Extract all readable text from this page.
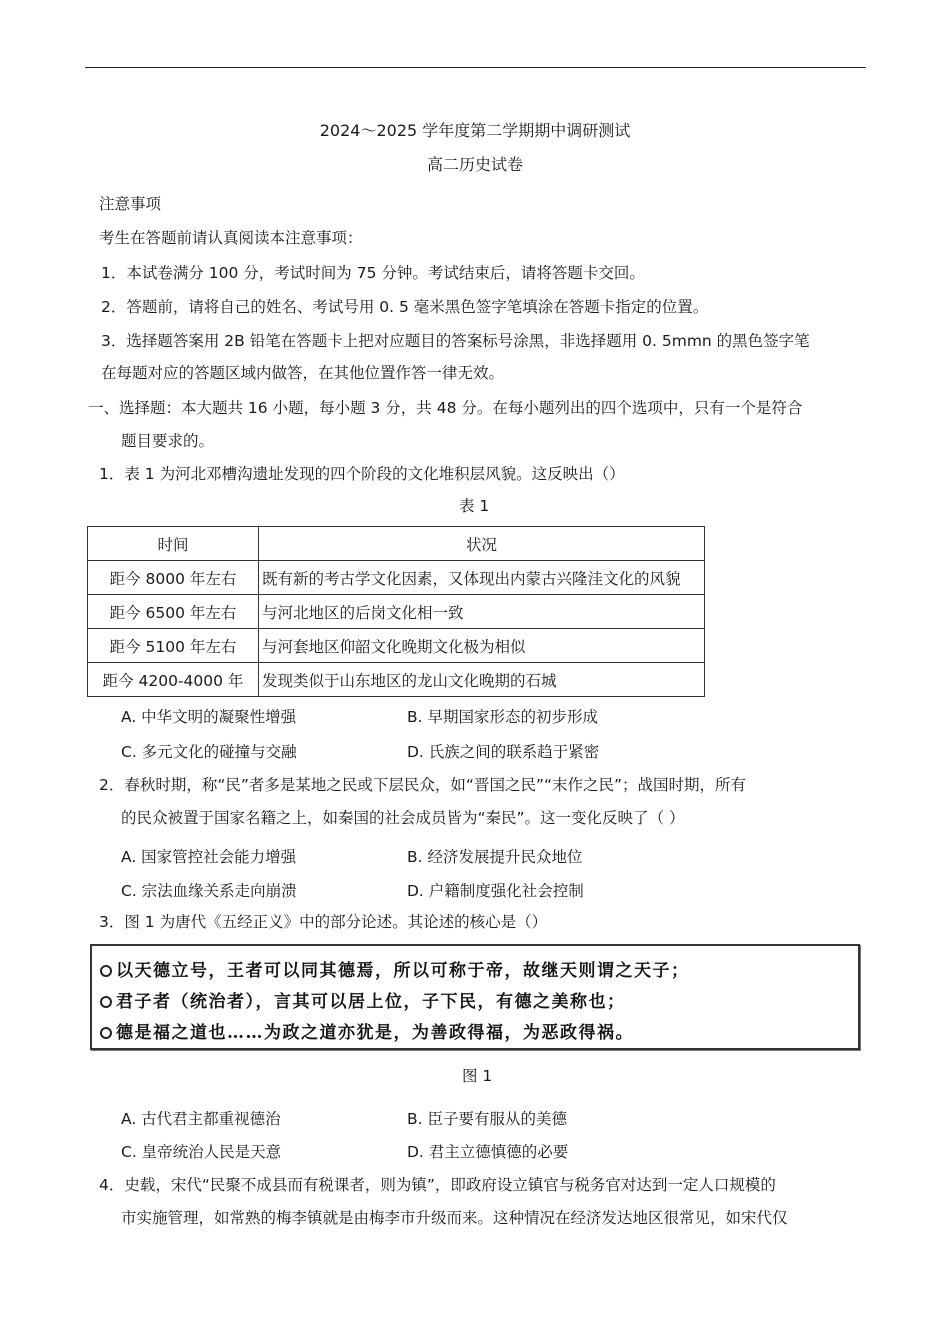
2024～2025 学年度第二学期期中调研测试
高二历史试卷
注意事项
考生在答题前请认真阅读本注意事项：
1．本试卷满分 100 分，考试时间为 75 分钟。考试结束后，请将答题卡交回。
2．答题前，请将自己的姓名、考试号用 0. 5 毫米黑色签字笔填涂在答题卡指定的位置。
3．选择题答案用 2B 铅笔在答题卡上把对应题目的答案标号涂黑，非选择题用 0. 5mmn 的黑色签字笔
在每题对应的答题区域内做答，在其他位置作答一律无效。
一、选择题：本大题共 16 小题，每小题 3 分，共 48 分。在每小题列出的四个选项中，只有一个是符合
题目要求的。
1．表 1 为河北邓槽沟遗址发现的四个阶段的文化堆积层风貌。这反映出（）
表 1
时间	状况
距今 8000 年左右	既有新的考古学文化因素，又体现出内蒙古兴隆洼文化的风貌
距今 6500 年左右	与河北地区的后岗文化相一致
距今 5100 年左右	与河套地区仰韶文化晚期文化极为相似
距今 4200-4000 年	发现类似于山东地区的龙山文化晚期的石城
A. 中华文明的凝聚性增强	B. 早期国家形态的初步形成
C. 多元文化的碰撞与交融	D. 氏族之间的联系趋于紧密
2．春秋时期，称“民”者多是某地之民或下层民众，如“晋国之民”“末作之民”；战国时期，所有
的民众被置于国家名籍之上，如秦国的社会成员皆为“秦民”。这一变化反映了（ ）
A. 国家管控社会能力增强	B. 经济发展提升民众地位
C. 宗法血缘关系走向崩溃	D. 户籍制度强化社会控制
3．图 1 为唐代《五经正义》中的部分论述。其论述的核心是（）
以天德立号，王者可以同其德焉，所以可称于帝，故继天则谓之天子；
君子者（统治者），言其可以居上位，子下民，有德之美称也；
德是福之道也……为政之道亦犹是，为善政得福，为恶政得祸。
图 1
A. 古代君主都重视德治	B. 臣子要有服从的美德
C. 皇帝统治人民是天意	D. 君主立德慎德的必要
4．史载，宋代“民聚不成县而有税课者，则为镇”，即政府设立镇官与税务官对达到一定人口规模的
市实施管理，如常熟的梅李镇就是由梅李市升级而来。这种情况在经济发达地区很常见，如宋代仅
